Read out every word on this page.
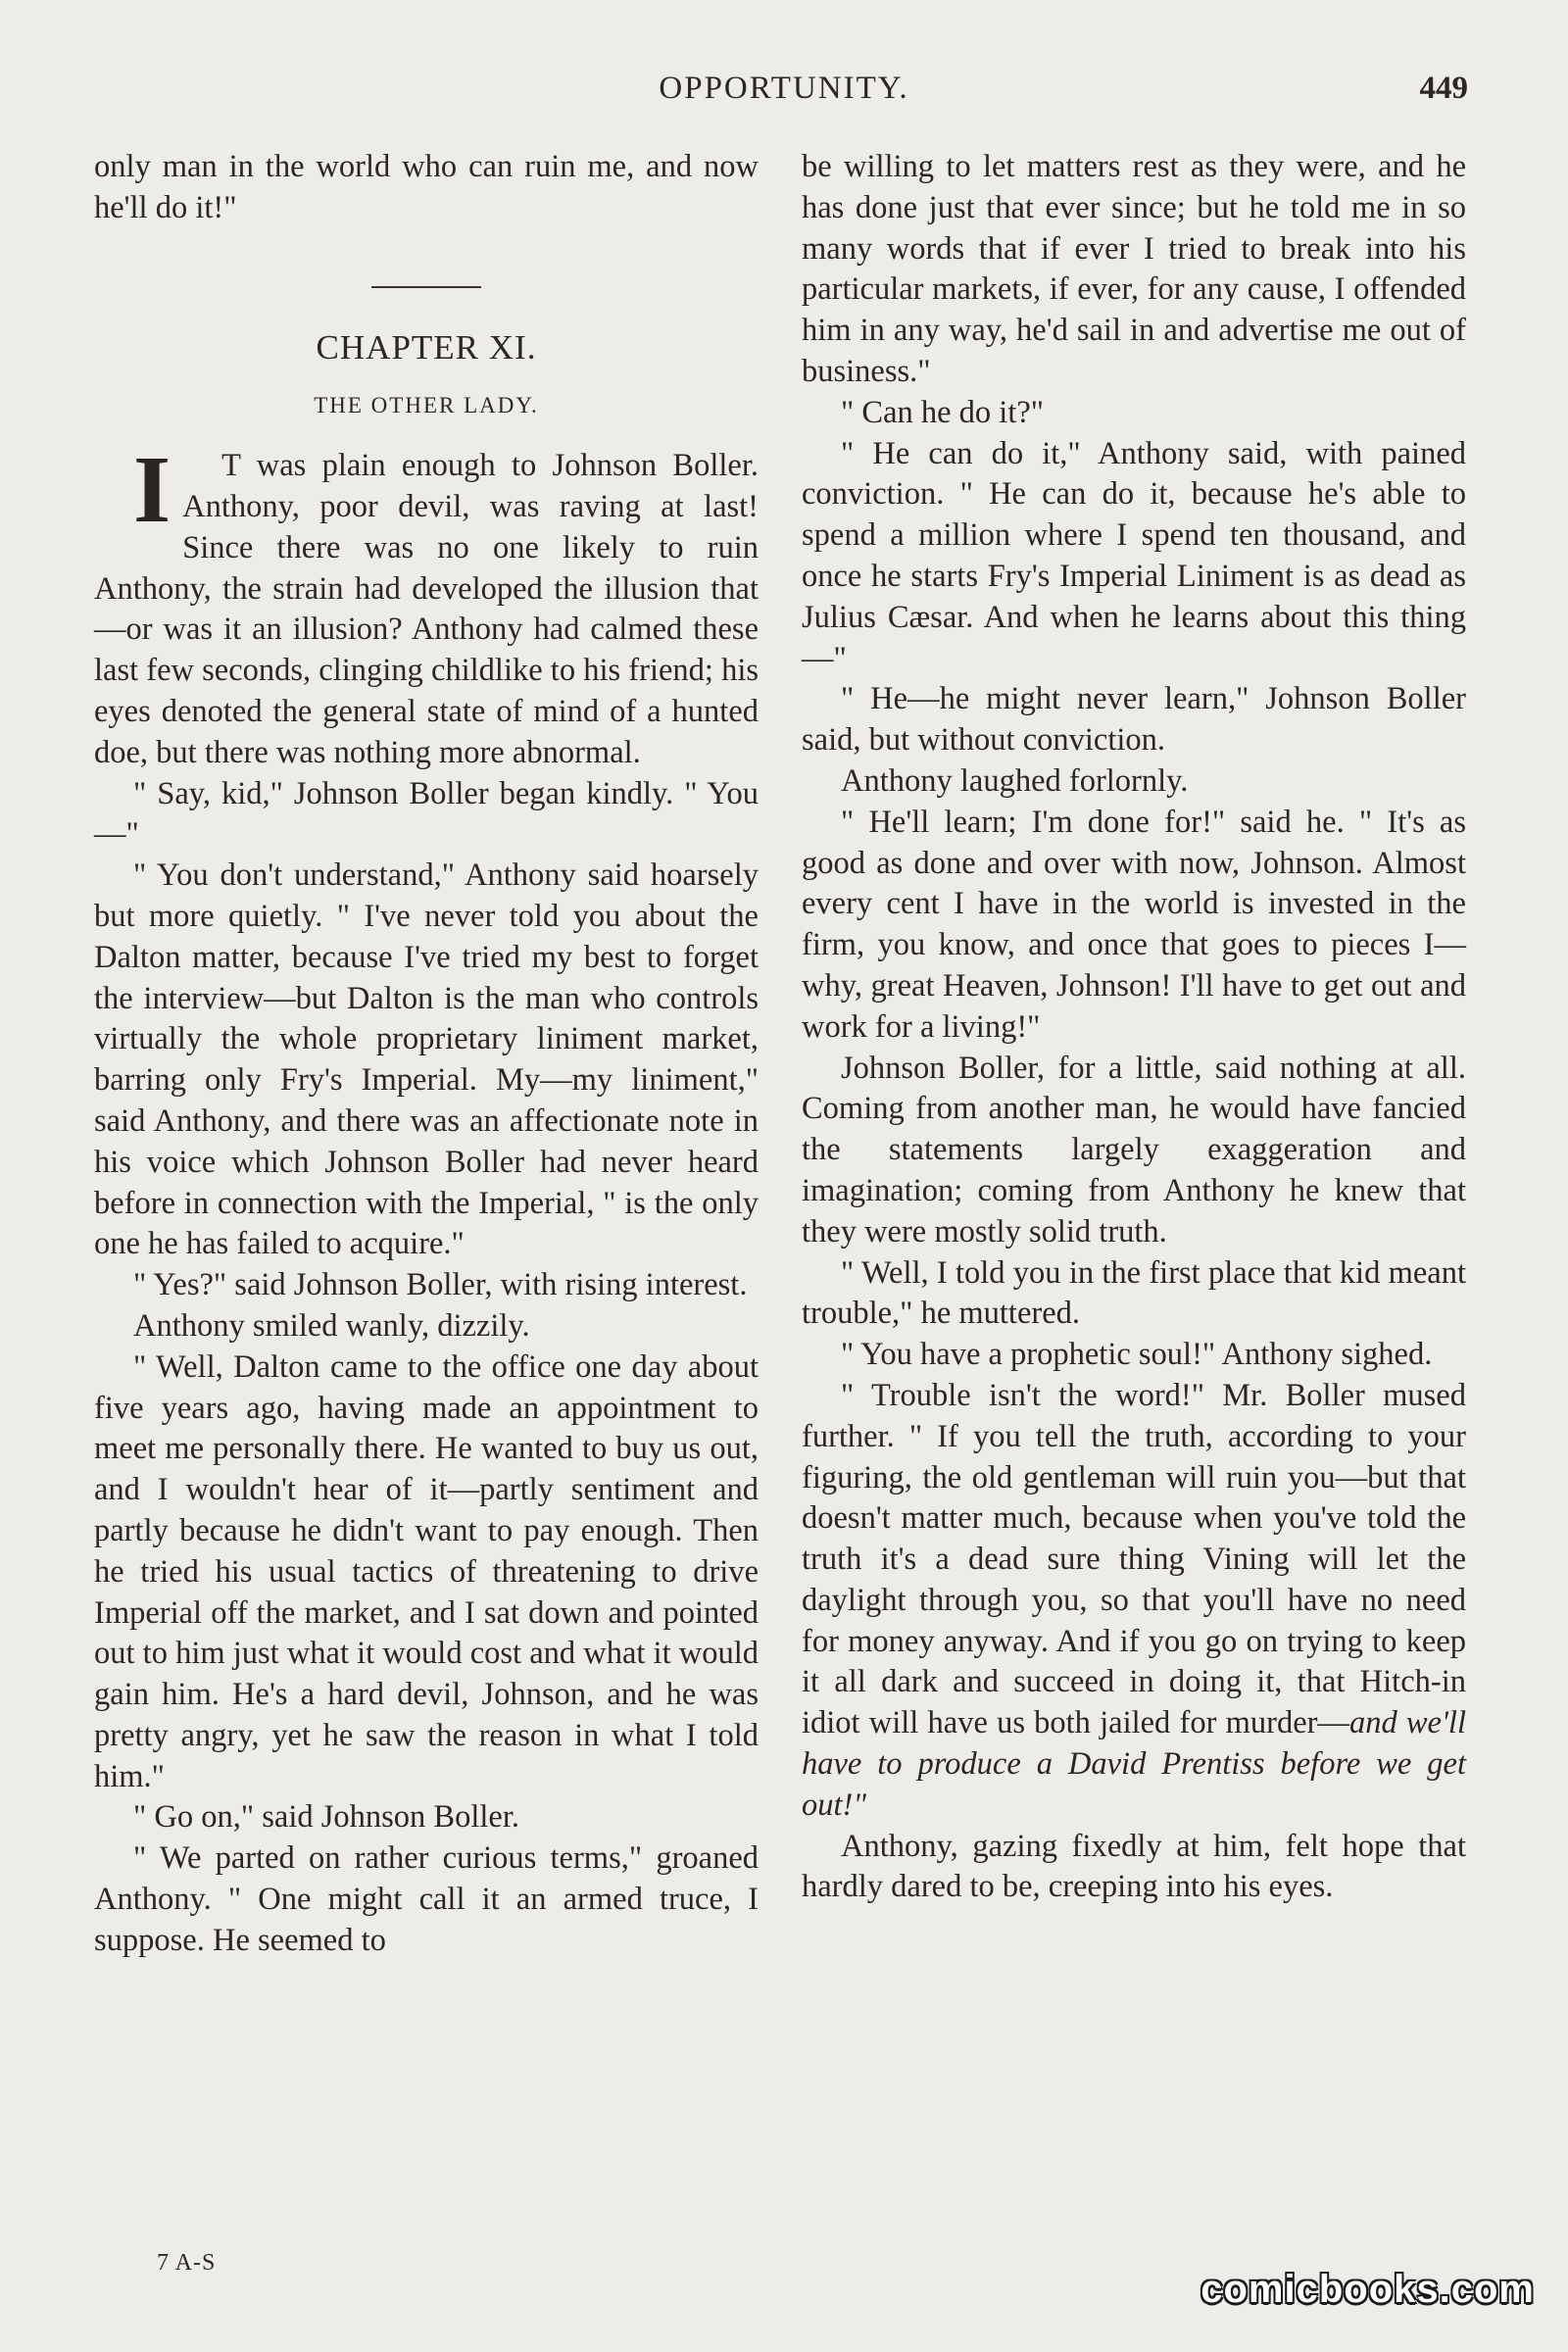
OPPORTUNITY.	449

only man in the world who can ruin me, and now he'll do it!"

CHAPTER XI.
THE OTHER LADY.

I T was plain enough to Johnson Boller. Anthony, poor devil, was raving at last! Since there was no one likely to ruin Anthony, the strain had developed the illusion that—or was it an illusion? Anthony had calmed these last few seconds, clinging childlike to his friend; his eyes denoted the general state of mind of a hunted doe, but there was nothing more abnormal.

" Say, kid," Johnson Boller began kindly. " You—"

" You don't understand," Anthony said hoarsely but more quietly. " I've never told you about the Dalton matter, because I've tried my best to forget the interview—but Dalton is the man who controls virtually the whole proprietary liniment market, barring only Fry's Imperial. My—my liniment," said Anthony, and there was an affectionate note in his voice which Johnson Boller had never heard before in connection with the Imperial, " is the only one he has failed to acquire."

" Yes?" said Johnson Boller, with rising interest.

Anthony smiled wanly, dizzily.

" Well, Dalton came to the office one day about five years ago, having made an appointment to meet me personally there. He wanted to buy us out, and I wouldn't hear of it—partly sentiment and partly because he didn't want to pay enough. Then he tried his usual tactics of threatening to drive Imperial off the market, and I sat down and pointed out to him just what it would cost and what it would gain him. He's a hard devil, Johnson, and he was pretty angry, yet he saw the reason in what I told him."

" Go on," said Johnson Boller.

" We parted on rather curious terms," groaned Anthony. " One might call it an armed truce, I suppose. He seemed to

be willing to let matters rest as they were, and he has done just that ever since; but he told me in so many words that if ever I tried to break into his particular markets, if ever, for any cause, I offended him in any way, he'd sail in and advertise me out of business."

" Can he do it?"

" He can do it," Anthony said, with pained conviction. " He can do it, because he's able to spend a million where I spend ten thousand, and once he starts Fry's Imperial Liniment is as dead as Julius Cæsar. And when he learns about this thing—"

" He—he might never learn," Johnson Boller said, but without conviction.

Anthony laughed forlornly.

" He'll learn; I'm done for!" said he. " It's as good as done and over with now, Johnson. Almost every cent I have in the world is invested in the firm, you know, and once that goes to pieces I—why, great Heaven, Johnson! I'll have to get out and work for a living!"

Johnson Boller, for a little, said nothing at all. Coming from another man, he would have fancied the statements largely exaggeration and imagination; coming from Anthony he knew that they were mostly solid truth.

" Well, I told you in the first place that kid meant trouble," he muttered.

" You have a prophetic soul!" Anthony sighed.

" Trouble isn't the word!" Mr. Boller mused further. " If you tell the truth, according to your figuring, the old gentleman will ruin you—but that doesn't matter much, because when you've told the truth it's a dead sure thing Vining will let the daylight through you, so that you'll have no need for money anyway. And if you go on trying to keep it all dark and succeed in doing it, that Hitch-in idiot will have us both jailed for murder—and we'll have to produce a David Prentiss before we get out!"

Anthony, gazing fixedly at him, felt hope that hardly dared to be, creeping into his eyes.

7 A-S
comicbooks.com
